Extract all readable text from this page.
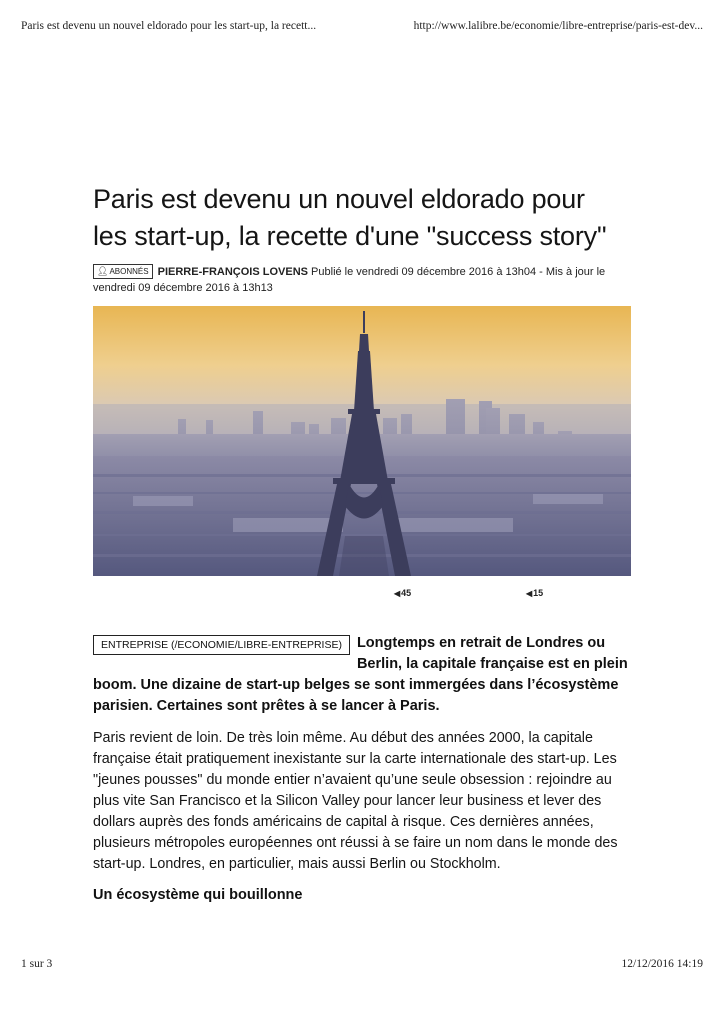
Paris est devenu un nouvel eldorado pour les start-up, la recett...	http://www.lalibre.be/economie/libre-entreprise/paris-est-dev...
Paris est devenu un nouvel eldorado pour les start-up, la recette d'une "success story"
👤︎ABONNÉS PIERRE-FRANÇOIS LOVENS Publié le vendredi 09 décembre 2016 à 13h04 - Mis à jour le vendredi 09 décembre 2016 à 13h13
◀45	◀15

ENTREPRISE (/ECONOMIE/LIBRE-ENTREPRISE)	Longtemps en retrait de Londres ou Berlin, la capitale française est en plein boom. Une dizaine de start-up belges se sont immergées dans l’écosystème parisien. Certaines sont prêtes à se lancer à Paris.

Paris revient de loin. De très loin même. Au début des années 2000, la capitale française était pratiquement inexistante sur la carte internationale des start-up. Les "jeunes pousses" du monde entier n’avaient qu’une seule obsession : rejoindre au plus vite San Francisco et la Silicon Valley pour lancer leur business et lever des dollars auprès des fonds américains de capital à risque. Ces dernières années, plusieurs métropoles européennes ont réussi à se faire un nom dans le monde des start-up. Londres, en particulier, mais aussi Berlin ou Stockholm.

Un écosystème qui bouillonne
1 sur 3	12/12/2016 14:19
